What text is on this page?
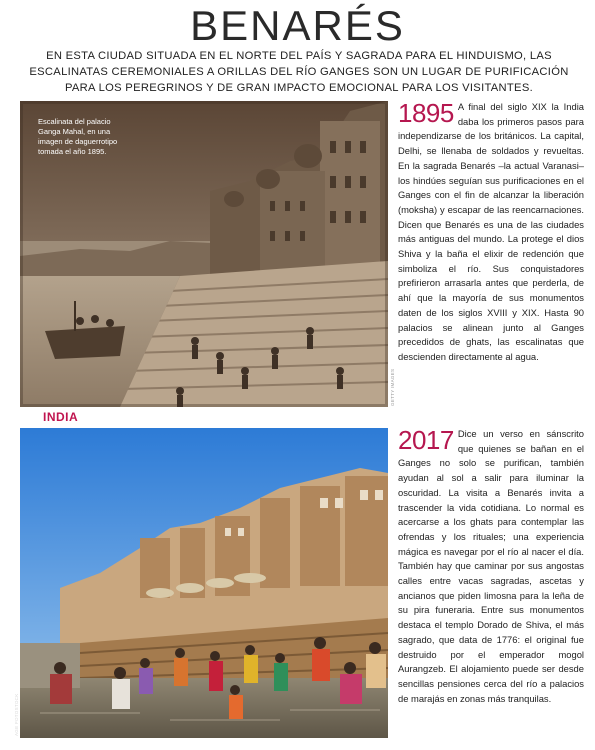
BENARÉS
EN ESTA CIUDAD SITUADA EN EL NORTE DEL PAÍS Y SAGRADA PARA EL HINDUISMO, LAS ESCALINATAS CEREMONIALES A ORILLAS DEL RÍO GANGES SON UN LUGAR DE PURIFICACIÓN PARA LOS PEREGRINOS Y DE GRAN IMPACTO EMOCIONAL PARA LOS VISITANTES.
Escalinata del palacio Ganga Mahal, en una imagen de daguerrotipo tomada el año 1895.
GETTY IMAGES
INDIA
AGE FOTOSTOCK
1895 A final del siglo XIX la India daba los primeros pasos para independizarse de los británicos. La capital, Delhi, se llenaba de soldados y revueltas. En la sagrada Benarés –la actual Varanasi– los hindúes seguían sus purificaciones en el Ganges con el fin de alcanzar la liberación (moksha) y escapar de las reencarnaciones. Dicen que Benarés es una de las ciudades más antiguas del mundo. La protege el dios Shiva y la baña el elixir de redención que simboliza el río. Sus conquistadores prefirieron arrasarla antes que perderla, de ahí que la mayoría de sus monumentos daten de los siglos XVIII y XIX. Hasta 90 palacios se alinean junto al Ganges precedidos de ghats, las escalinatas que descienden directamente al agua.
2017 Dice un verso en sánscrito que quienes se bañan en el Ganges no solo se purifican, también ayudan al sol a salir para iluminar la oscuridad. La visita a Benarés invita a trascender la vida cotidiana. Lo normal es acercarse a los ghats para contemplar las ofrendas y los rituales; una experiencia mágica es navegar por el río al nacer el día. También hay que caminar por sus angostas calles entre vacas sagradas, ascetas y ancianos que piden limosna para la leña de su pira funeraria. Entre sus monumentos destaca el templo Dorado de Shiva, el más sagrado, que data de 1776: el original fue destruido por el emperador mogol Aurangzeb. El alojamiento puede ser desde sencillas pensiones cerca del río a palacios de marajás en zonas más tranquilas.
